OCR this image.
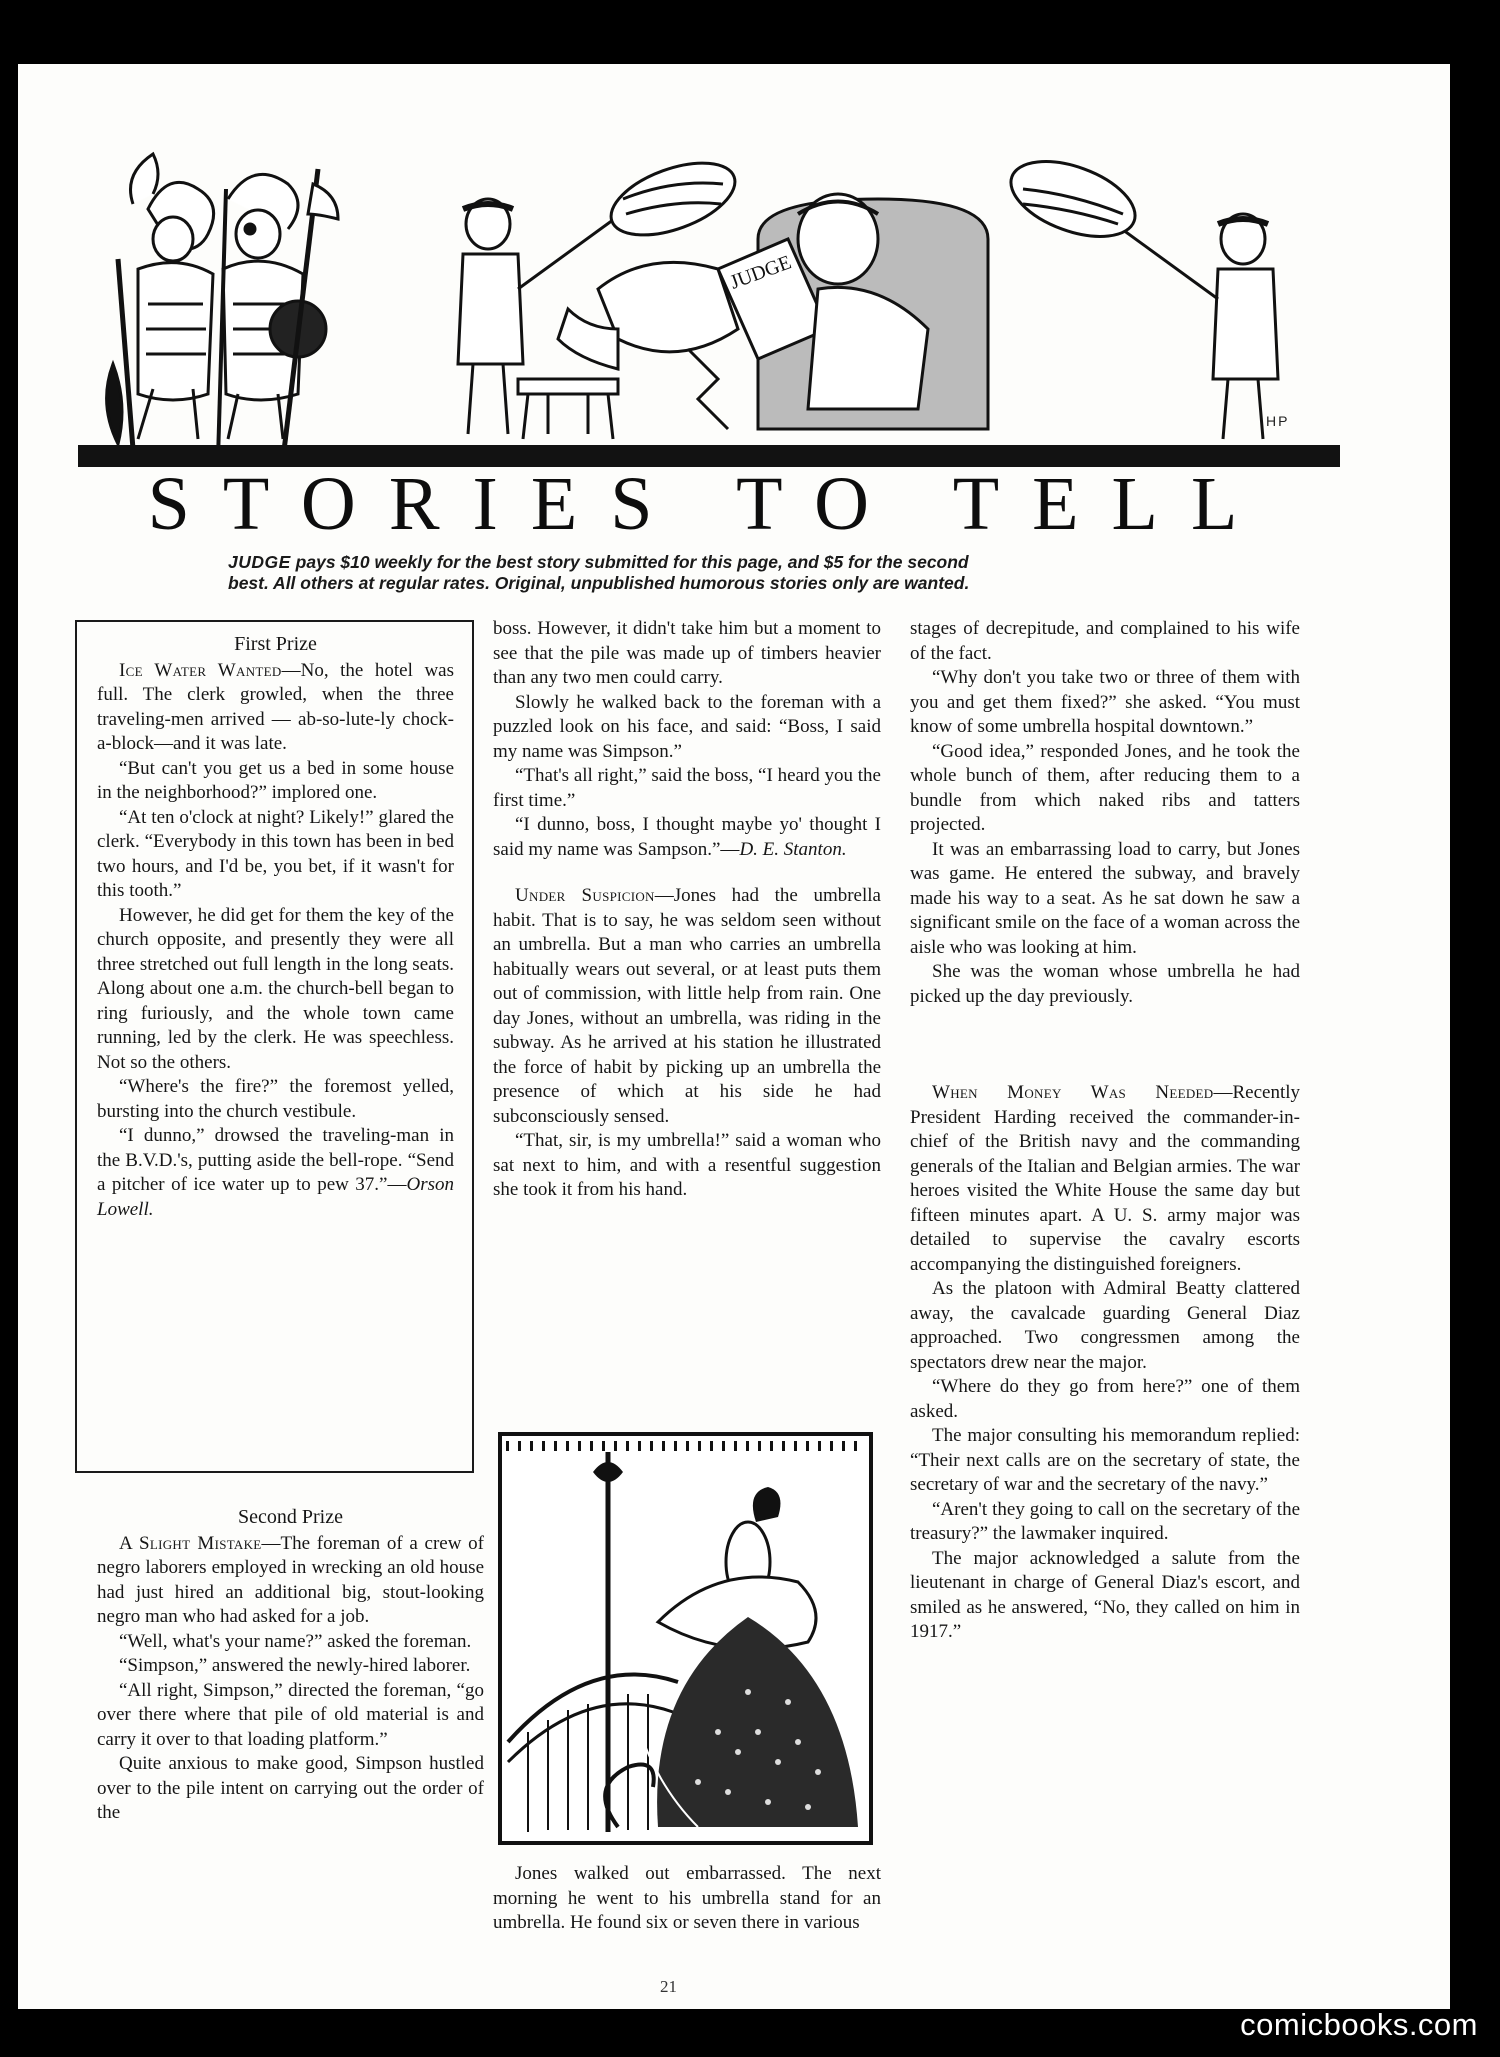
JUDGE
HP
STORIES TO TELL
JUDGE pays $10 weekly for the best story submitted for this page, and $5 for the second
best. All others at regular rates. Original, unpublished humorous stories only are wanted.

First Prize

Ice Water Wanted—No, the hotel was full. The clerk growled, when the three traveling-men arrived — ab-so-lute-ly chock-a-block—and it was late.

“But can't you get us a bed in some house in the neighborhood?” implored one.

“At ten o'clock at night? Likely!” glared the clerk. “Everybody in this town has been in bed two hours, and I'd be, you bet, if it wasn't for this tooth.”

However, he did get for them the key of the church opposite, and presently they were all three stretched out full length in the long seats. Along about one a.m. the church-bell began to ring furiously, and the whole town came running, led by the clerk. He was speechless. Not so the others.

“Where's the fire?” the foremost yelled, bursting into the church vestibule.

“I dunno,” drowsed the traveling-man in the B.V.D.'s, putting aside the bell-rope. “Send a pitcher of ice water up to pew 37.”—Orson Lowell.

Second Prize

A Slight Mistake—The foreman of a crew of negro laborers employed in wrecking an old house had just hired an additional big, stout-looking negro man who had asked for a job.

“Well, what's your name?” asked the foreman.

“Simpson,” answered the newly-hired laborer.

“All right, Simpson,” directed the foreman, “go over there where that pile of old material is and carry it over to that loading platform.”

Quite anxious to make good, Simpson hustled over to the pile intent on carrying out the order of the

boss. However, it didn't take him but a moment to see that the pile was made up of timbers heavier than any two men could carry.

Slowly he walked back to the foreman with a puzzled look on his face, and said: “Boss, I said my name was Simpson.”

“That's all right,” said the boss, “I heard you the first time.”

“I dunno, boss, I thought maybe yo' thought I said my name was Sampson.”—D. E. Stanton.

Under Suspicion—Jones had the umbrella habit. That is to say, he was seldom seen without an umbrella. But a man who carries an umbrella habitually wears out several, or at least puts them out of commission, with little help from rain. One day Jones, without an umbrella, was riding in the subway. As he arrived at his station he illustrated the force of habit by picking up an umbrella the presence of which at his side he had subconsciously sensed.

“That, sir, is my umbrella!” said a woman who sat next to him, and with a resentful suggestion she took it from his hand.

Jones walked out embarrassed. The next morning he went to his umbrella stand for an umbrella. He found six or seven there in various

stages of decrepitude, and complained to his wife of the fact.

“Why don't you take two or three of them with you and get them fixed?” she asked. “You must know of some umbrella hospital downtown.”

“Good idea,” responded Jones, and he took the whole bunch of them, after reducing them to a bundle from which naked ribs and tatters projected.

It was an embarrassing load to carry, but Jones was game. He entered the subway, and bravely made his way to a seat. As he sat down he saw a significant smile on the face of a woman across the aisle who was looking at him.

She was the woman whose umbrella he had picked up the day previously.

When Money Was Needed—Recently President Harding received the commander-in-chief of the British navy and the commanding generals of the Italian and Belgian armies. The war heroes visited the White House the same day but fifteen minutes apart. A U. S. army major was detailed to supervise the cavalry escorts accompanying the distinguished foreigners.

As the platoon with Admiral Beatty clattered away, the cavalcade guarding General Diaz approached. Two congressmen among the spectators drew near the major.

“Where do they go from here?” one of them asked.

The major consulting his memorandum replied: “Their next calls are on the secretary of state, the secretary of war and the secretary of the navy.”

“Aren't they going to call on the secretary of the treasury?” the lawmaker inquired.

The major acknowledged a salute from the lieutenant in charge of General Diaz's escort, and smiled as he answered, “No, they called on him in 1917.”

21
comicbooks.com
